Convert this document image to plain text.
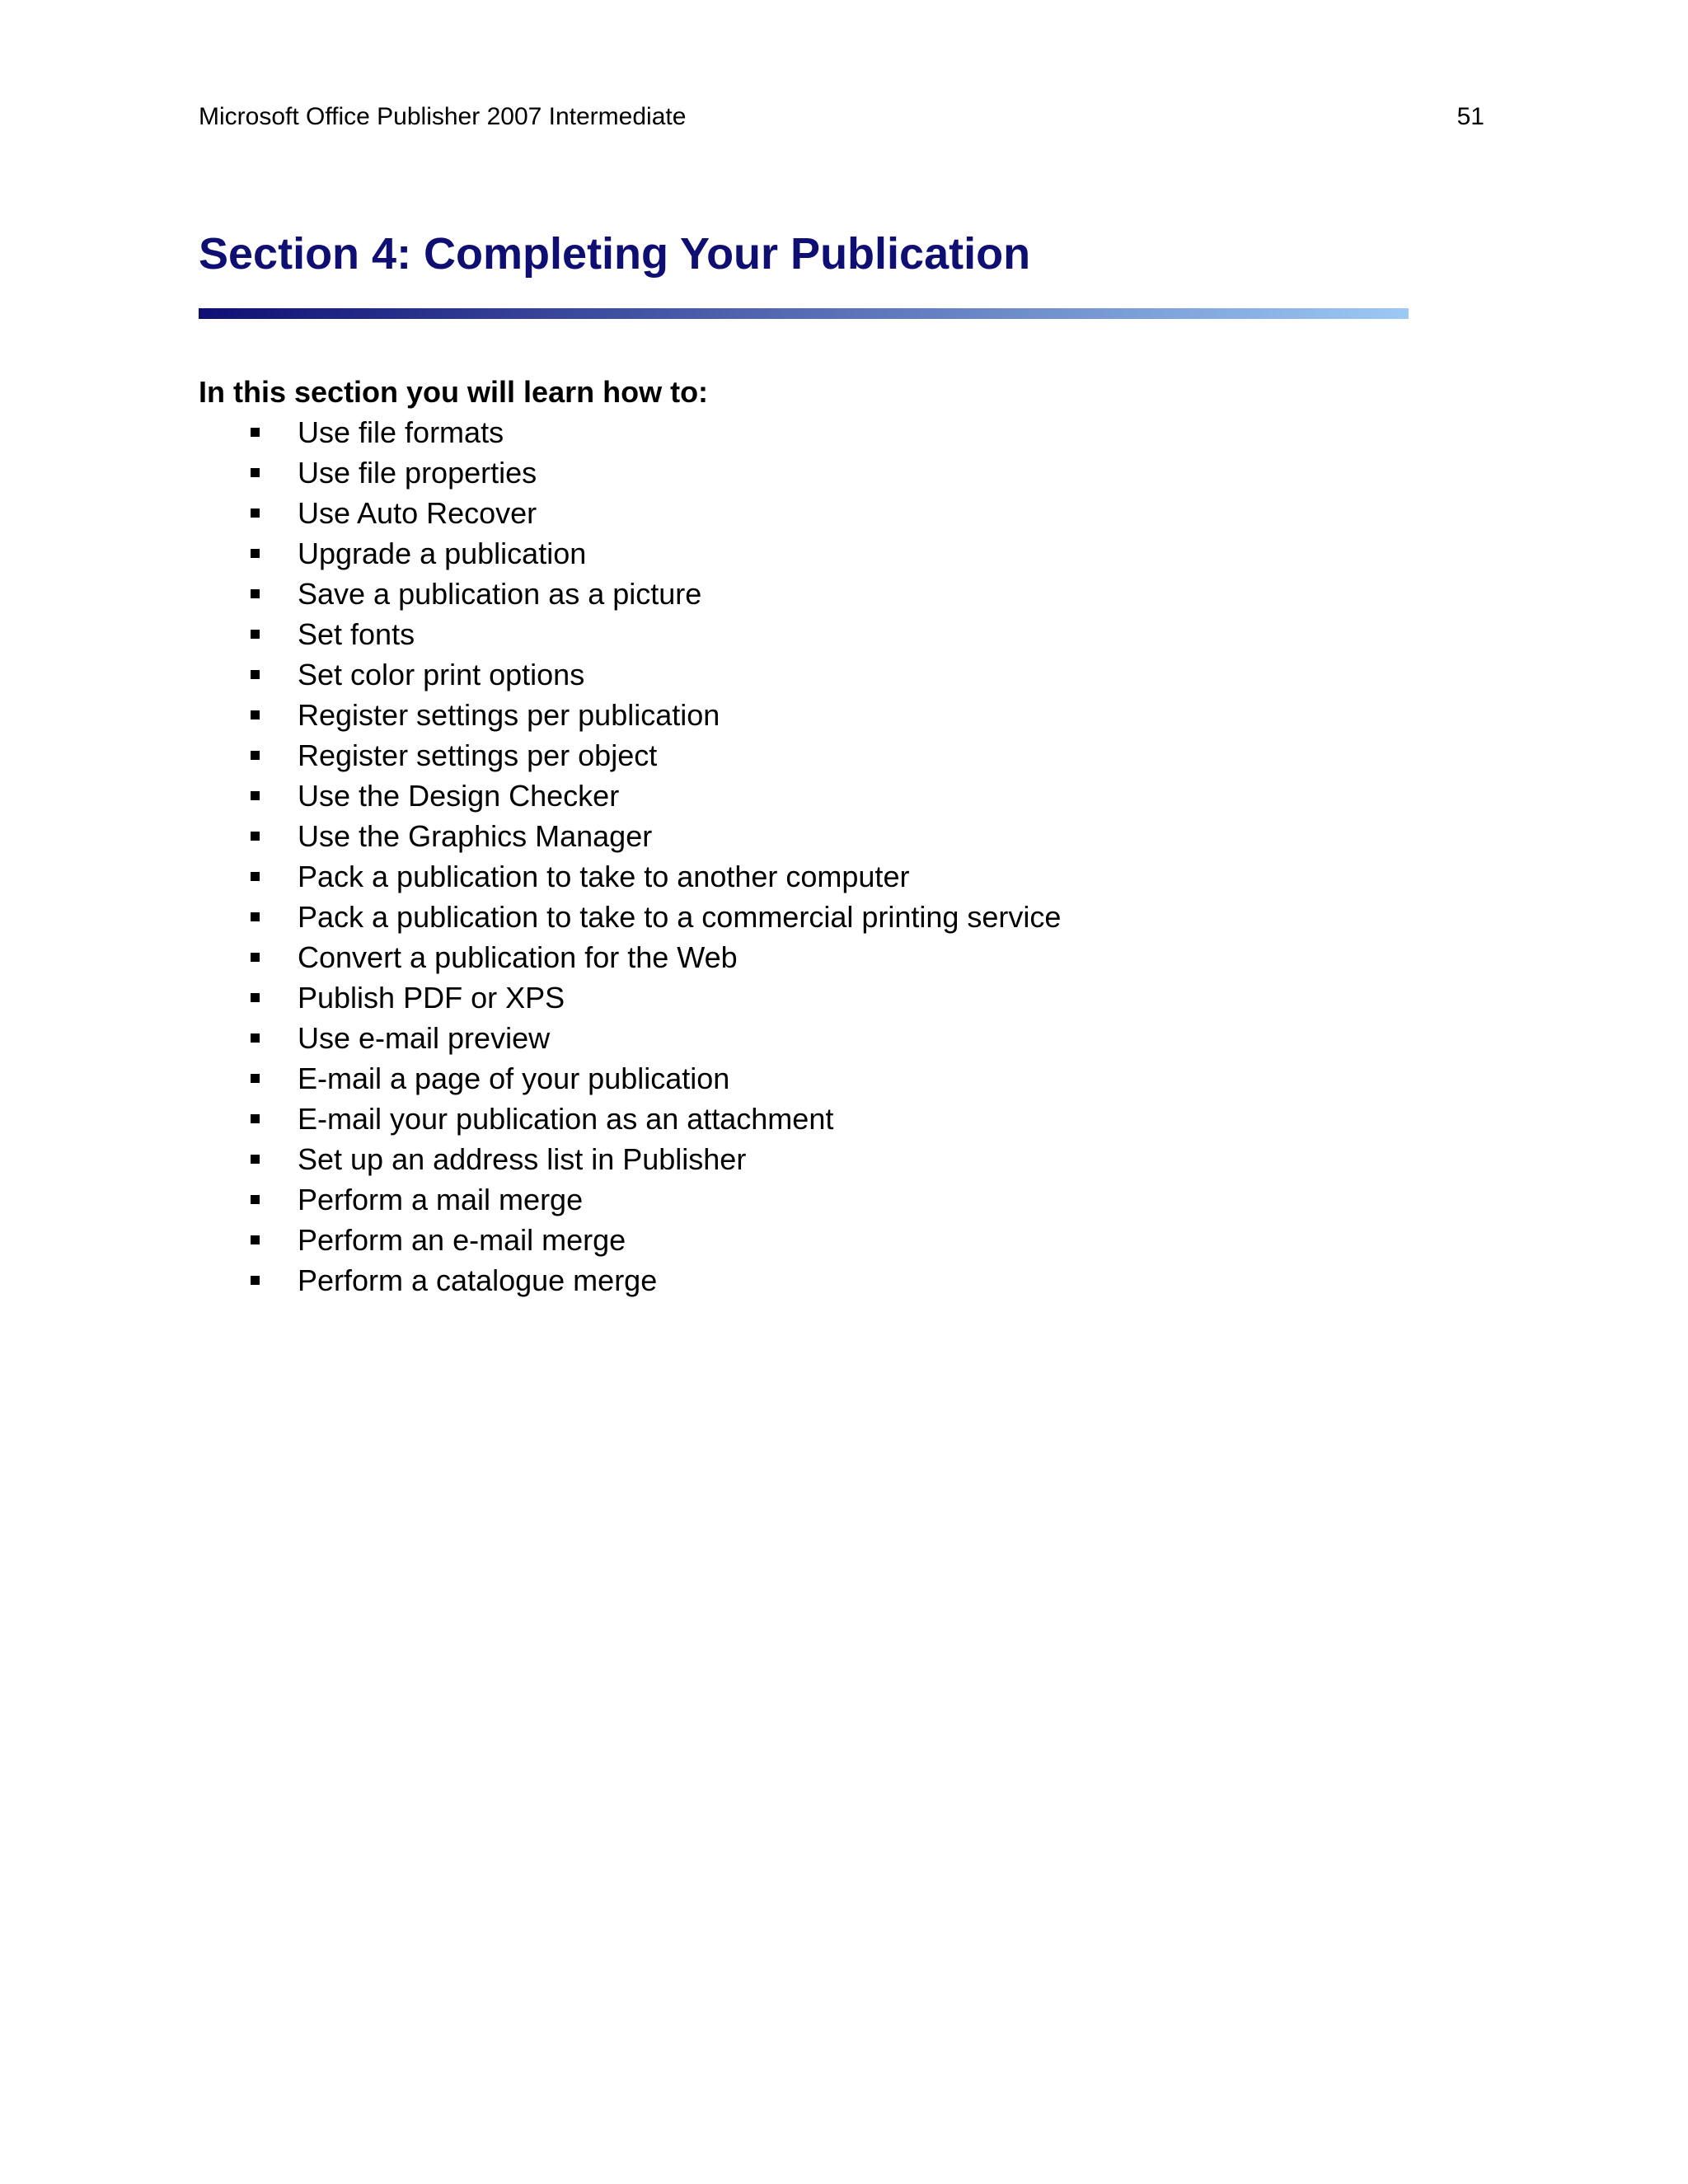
Microsoft Office Publisher 2007 Intermediate	51
Section 4: Completing Your Publication
In this section you will learn how to:
Use file formats
Use file properties
Use Auto Recover
Upgrade a publication
Save a publication as a picture
Set fonts
Set color print options
Register settings per publication
Register settings per object
Use the Design Checker
Use the Graphics Manager
Pack a publication to take to another computer
Pack a publication to take to a commercial printing service
Convert a publication for the Web
Publish PDF or XPS
Use e-mail preview
E-mail a page of your publication
E-mail your publication as an attachment
Set up an address list in Publisher
Perform a mail merge
Perform an e-mail merge
Perform a catalogue merge
